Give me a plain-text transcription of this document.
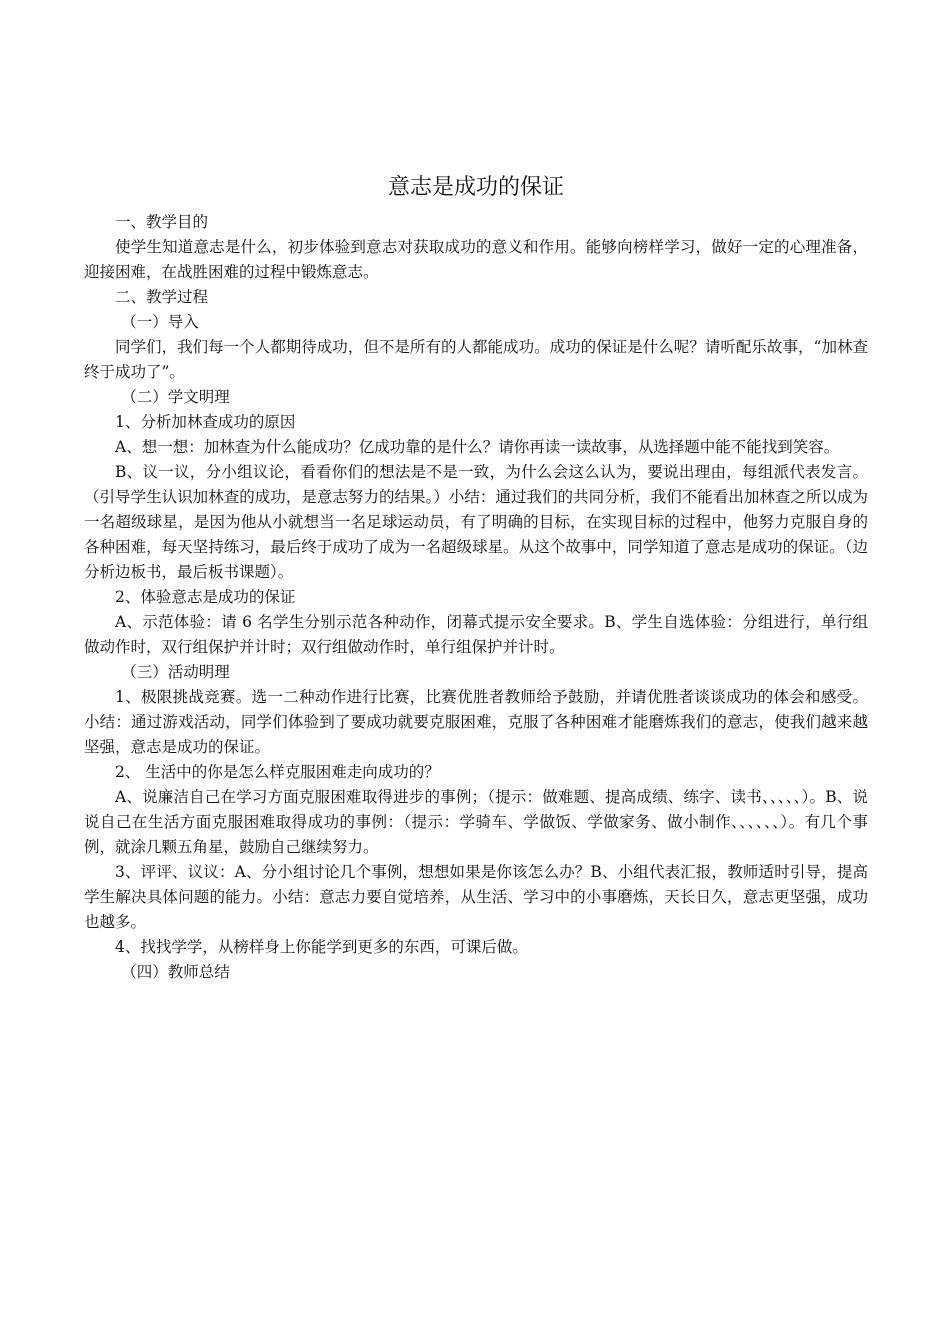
意志是成功的保证
一、教学目的
使学生知道意志是什么，初步体验到意志对获取成功的意义和作用。能够向榜样学习，做好一定的心理准备，迎接困难，在战胜困难的过程中锻炼意志。
二、教学过程
（一）导入
同学们，我们每一个人都期待成功，但不是所有的人都能成功。成功的保证是什么呢？请听配乐故事，“加林查终于成功了”。
（二）学文明理
1、分析加林查成功的原因
A、想一想：加林查为什么能成功？亿成功靠的是什么？请你再读一读故事，从选择题中能不能找到笑容。
B、议一议，分小组议论，看看你们的想法是不是一致，为什么会这么认为，要说出理由，每组派代表发言。（引导学生认识加林查的成功，是意志努力的结果。）小结：通过我们的共同分析，我们不能看出加林查之所以成为一名超级球星，是因为他从小就想当一名足球运动员，有了明确的目标，在实现目标的过程中，他努力克服自身的各种困难，每天坚持练习，最后终于成功了成为一名超级球星。从这个故事中，同学知道了意志是成功的保证。（边分析边板书，最后板书课题）。
2、体验意志是成功的保证
A、示范体验：请 6 名学生分别示范各种动作，闭幕式提示安全要求。B、学生自选体验：分组进行，单行组做动作时，双行组保护并计时；双行组做动作时，单行组保护并计时。
（三）活动明理
1、极限挑战竞赛。选一二种动作进行比赛，比赛优胜者教师给予鼓励，并请优胜者谈谈成功的体会和感受。小结：通过游戏活动，同学们体验到了要成功就要克服困难，克服了各种困难才能磨炼我们的意志，使我们越来越坚强，意志是成功的保证。
2、 生活中的你是怎么样克服困难走向成功的？
A、说廉洁自己在学习方面克服困难取得进步的事例；（提示：做难题、提高成绩、练字、读书、、、、、）。B、说说自己在生活方面克服困难取得成功的事例：（提示：学骑车、学做饭、学做家务、做小制作、、、、、、）。有几个事例，就涂几颗五角星，鼓励自己继续努力。
3、评评、议议：A、分小组讨论几个事例，想想如果是你该怎么办？B、小组代表汇报，教师适时引导，提高学生解决具体问题的能力。小结：意志力要自觉培养，从生活、学习中的小事磨炼，天长日久，意志更坚强，成功也越多。
4、找找学学，从榜样身上你能学到更多的东西，可课后做。
（四）教师总结
